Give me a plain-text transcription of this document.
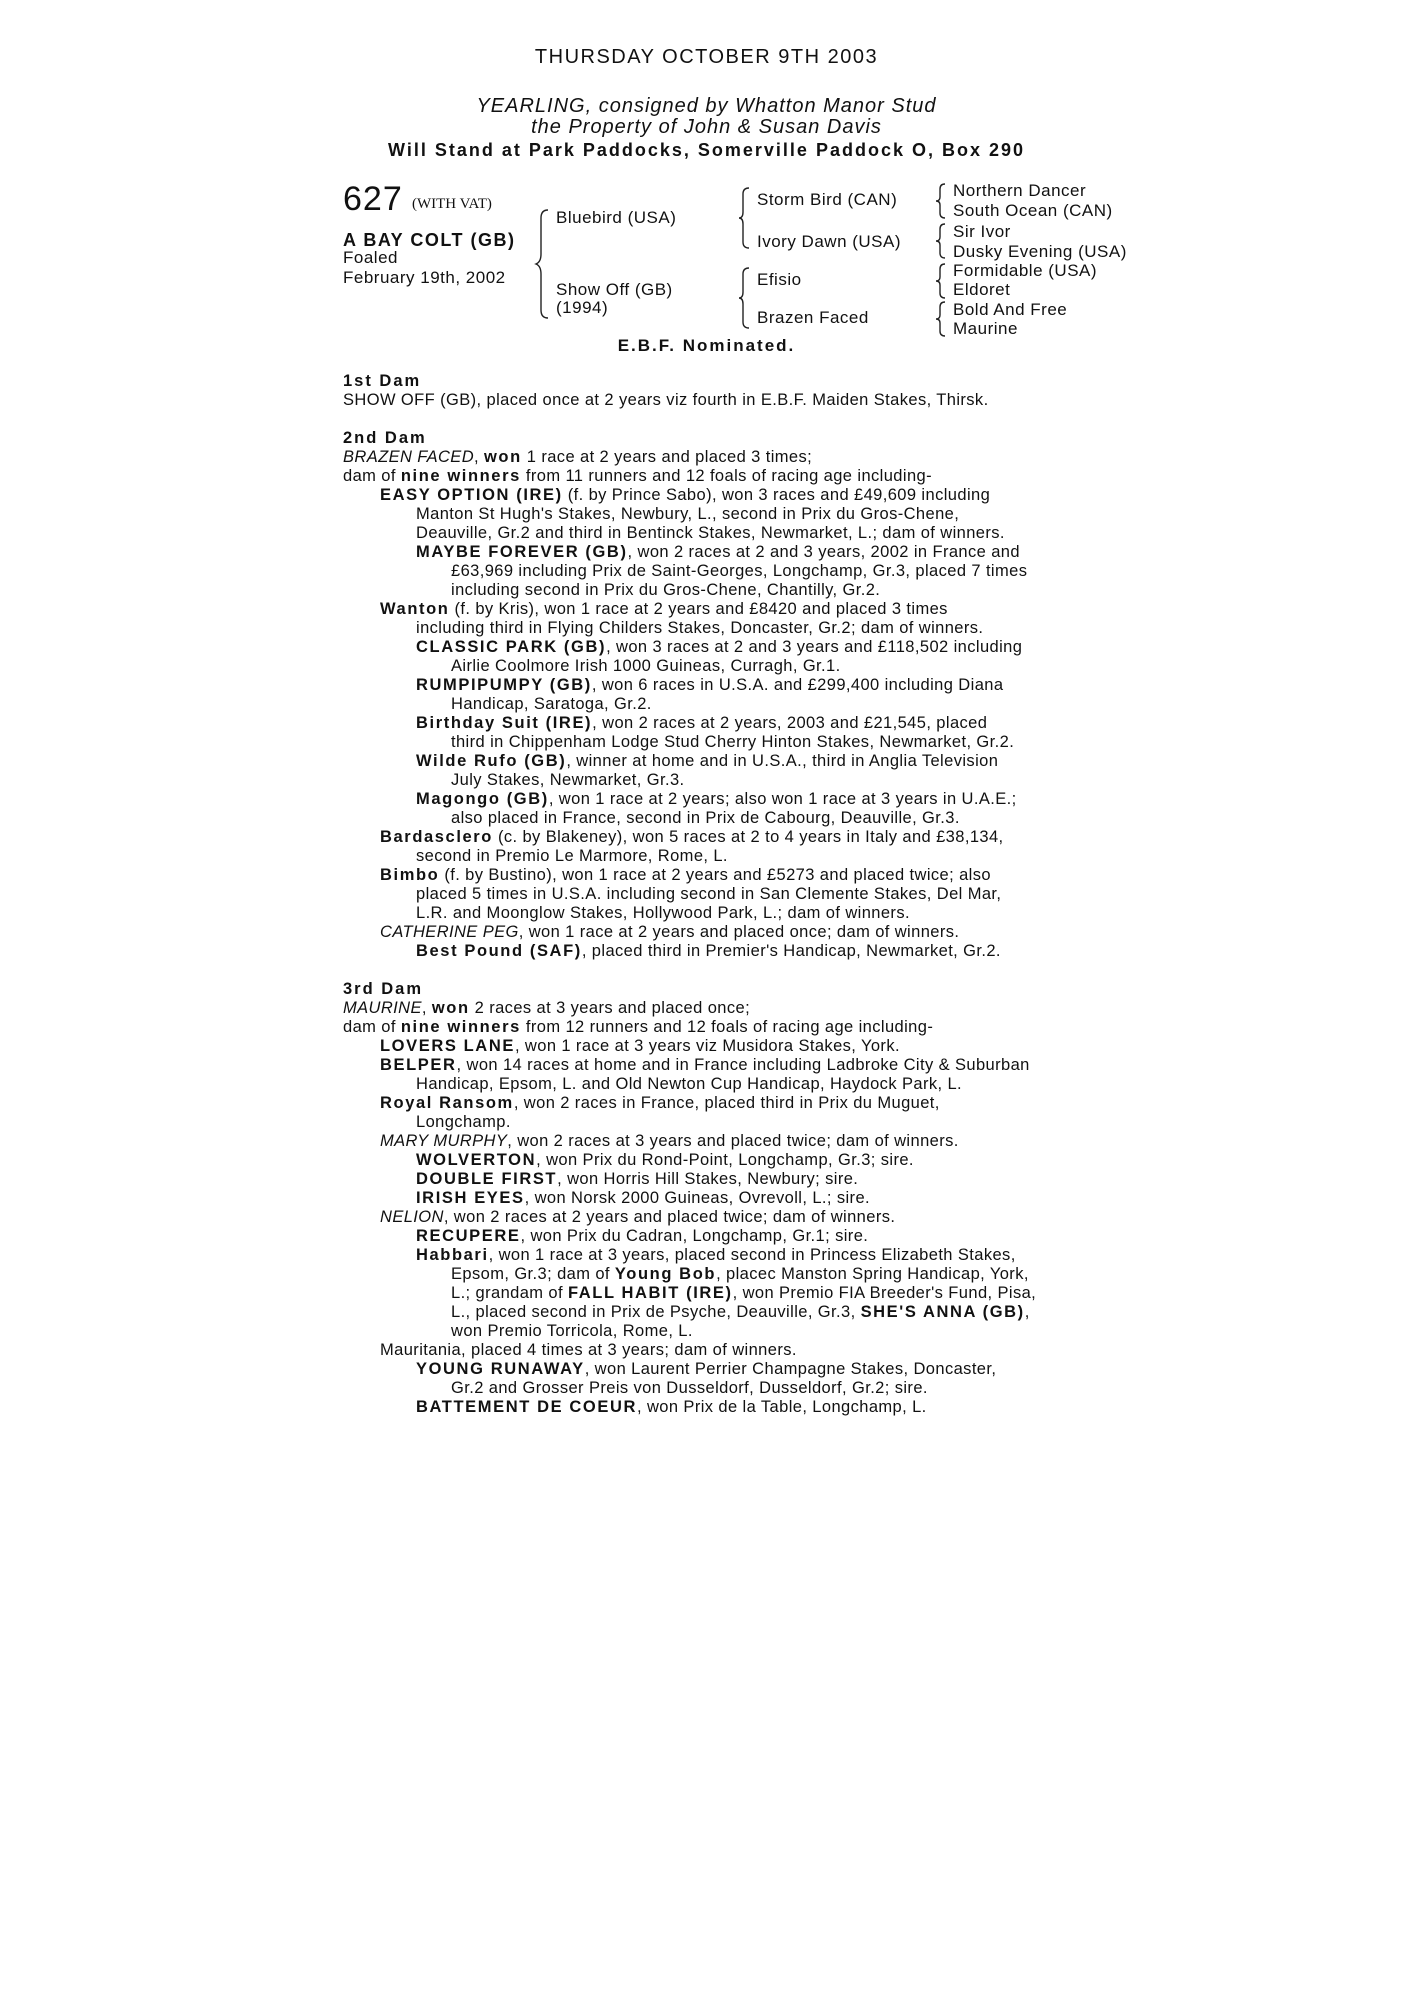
THURSDAY OCTOBER 9TH 2003
YEARLING, consigned by Whatton Manor Stud
the Property of John & Susan Davis
Will Stand at Park Paddocks, Somerville Paddock O, Box 290
627 (WITH VAT)
A BAY COLT (GB)
Foaled
February 19th, 2002
Bluebird (USA)
Show Off (GB)
(1994)
Storm Bird (CAN)
Ivory Dawn (USA)
Efisio
Brazen Faced
Northern Dancer
South Ocean (CAN)
Sir Ivor
Dusky Evening (USA)
Formidable (USA)
Eldoret
Bold And Free
Maurine
E.B.F. Nominated.
1st Dam
SHOW OFF (GB), placed once at 2 years viz fourth in E.B.F. Maiden Stakes, Thirsk.
2nd Dam
BRAZEN FACED, won 1 race at 2 years and placed 3 times;
dam of nine winners from 11 runners and 12 foals of racing age including-
EASY OPTION (IRE) (f. by Prince Sabo), won 3 races and £49,609 including
Manton St Hugh's Stakes, Newbury, L., second in Prix du Gros-Chene,
Deauville, Gr.2 and third in Bentinck Stakes, Newmarket, L.; dam of winners.
MAYBE FOREVER (GB), won 2 races at 2 and 3 years, 2002 in France and
£63,969 including Prix de Saint-Georges, Longchamp, Gr.3, placed 7 times
including second in Prix du Gros-Chene, Chantilly, Gr.2.
Wanton (f. by Kris), won 1 race at 2 years and £8420 and placed 3 times
including third in Flying Childers Stakes, Doncaster, Gr.2; dam of winners.
CLASSIC PARK (GB), won 3 races at 2 and 3 years and £118,502 including
Airlie Coolmore Irish 1000 Guineas, Curragh, Gr.1.
RUMPIPUMPY (GB), won 6 races in U.S.A. and £299,400 including Diana
Handicap, Saratoga, Gr.2.
Birthday Suit (IRE), won 2 races at 2 years, 2003 and £21,545, placed
third in Chippenham Lodge Stud Cherry Hinton Stakes, Newmarket, Gr.2.
Wilde Rufo (GB), winner at home and in U.S.A., third in Anglia Television
July Stakes, Newmarket, Gr.3.
Magongo (GB), won 1 race at 2 years; also won 1 race at 3 years in U.A.E.;
also placed in France, second in Prix de Cabourg, Deauville, Gr.3.
Bardasclero (c. by Blakeney), won 5 races at 2 to 4 years in Italy and £38,134,
second in Premio Le Marmore, Rome, L.
Bimbo (f. by Bustino), won 1 race at 2 years and £5273 and placed twice; also
placed 5 times in U.S.A. including second in San Clemente Stakes, Del Mar,
L.R. and Moonglow Stakes, Hollywood Park, L.; dam of winners.
CATHERINE PEG, won 1 race at 2 years and placed once; dam of winners.
Best Pound (SAF), placed third in Premier's Handicap, Newmarket, Gr.2.
3rd Dam
MAURINE, won 2 races at 3 years and placed once;
dam of nine winners from 12 runners and 12 foals of racing age including-
LOVERS LANE, won 1 race at 3 years viz Musidora Stakes, York.
BELPER, won 14 races at home and in France including Ladbroke City & Suburban
Handicap, Epsom, L. and Old Newton Cup Handicap, Haydock Park, L.
Royal Ransom, won 2 races in France, placed third in Prix du Muguet,
Longchamp.
MARY MURPHY, won 2 races at 3 years and placed twice; dam of winners.
WOLVERTON, won Prix du Rond-Point, Longchamp, Gr.3; sire.
DOUBLE FIRST, won Horris Hill Stakes, Newbury; sire.
IRISH EYES, won Norsk 2000 Guineas, Ovrevoll, L.; sire.
NELION, won 2 races at 2 years and placed twice; dam of winners.
RECUPERE, won Prix du Cadran, Longchamp, Gr.1; sire.
Habbari, won 1 race at 3 years, placed second in Princess Elizabeth Stakes,
Epsom, Gr.3; dam of Young Bob, placec Manston Spring Handicap, York,
L.; grandam of FALL HABIT (IRE), won Premio FIA Breeder's Fund, Pisa,
L., placed second in Prix de Psyche, Deauville, Gr.3, SHE'S ANNA (GB),
won Premio Torricola, Rome, L.
Mauritania, placed 4 times at 3 years; dam of winners.
YOUNG RUNAWAY, won Laurent Perrier Champagne Stakes, Doncaster,
Gr.2 and Grosser Preis von Dusseldorf, Dusseldorf, Gr.2; sire.
BATTEMENT DE COEUR, won Prix de la Table, Longchamp, L.
